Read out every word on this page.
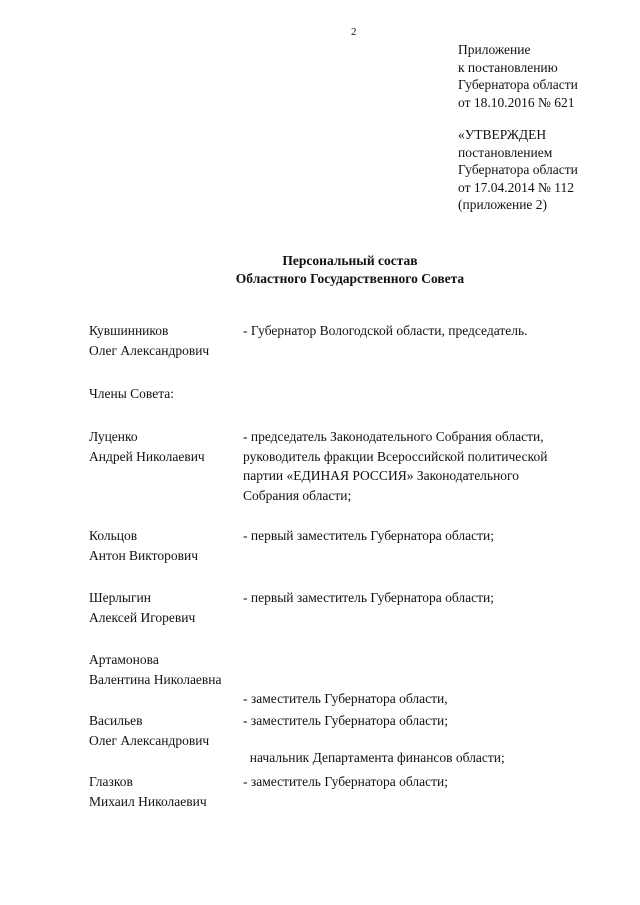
2
Приложение
к постановлению
Губернатора области
от 18.10.2016 № 621
«УТВЕРЖДЕН
постановлением
Губернатора области
от 17.04.2014 № 112
(приложение 2)
Персональный состав
Областного Государственного Совета
Кувшинников
Олег Александрович
- Губернатор Вологодской области, председатель.
Члены Совета:
Луценко
Андрей Николаевич
- председатель Законодательного Собрания области,
руководитель фракции Всероссийской политической
партии «ЕДИНАЯ РОССИЯ» Законодательного
Собрания области;
Кольцов
Антон Викторович
- первый заместитель Губернатора области;
Шерлыгин
Алексей Игоревич
- первый заместитель Губернатора области;
Артамонова
Валентина Николаевна

- заместитель Губернатора области,

начальник Департамента финансов области;

Васильев
Олег Александрович
- заместитель Губернатора области;
Глазков
Михаил Николаевич
- заместитель Губернатора области;
